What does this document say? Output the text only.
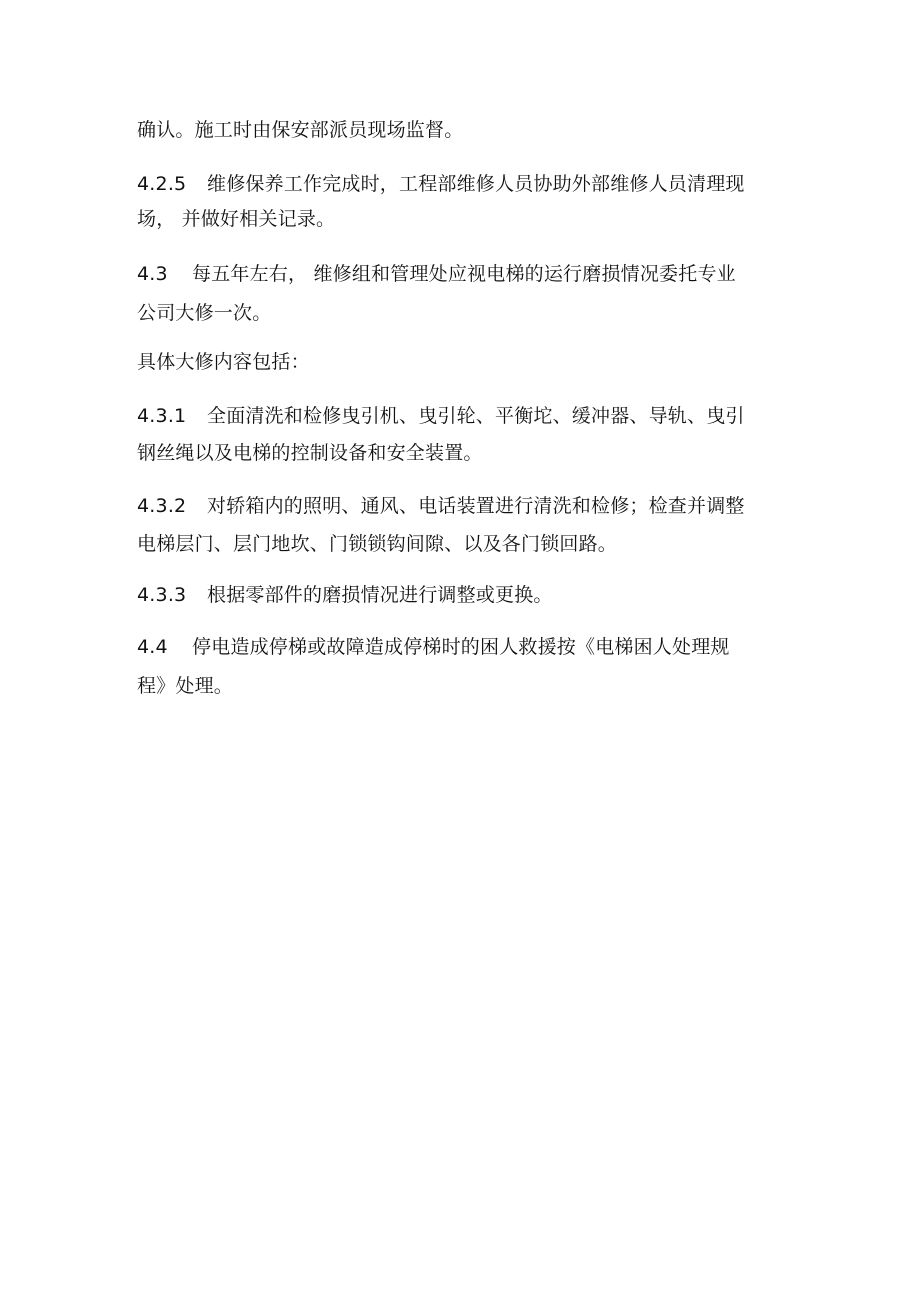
确认。施工时由保安部派员现场监督。
4.2.5 维修保养工作完成时，工程部维修人员协助外部维修人员清理现
场， 并做好相关记录。
4.3 每五年左右， 维修组和管理处应视电梯的运行磨损情况委托专业
公司大修一次。
具体大修内容包括：
4.3.1 全面清洗和检修曳引机、曳引轮、平衡坨、缓冲器、导轨、曳引
钢丝绳以及电梯的控制设备和安全装置。
4.3.2 对轿箱内的照明、通风、电话装置进行清洗和检修；检查并调整
电梯层门、层门地坎、门锁锁钩间隙、以及各门锁回路。
4.3.3 根据零部件的磨损情况进行调整或更换。
4.4 停电造成停梯或故障造成停梯时的困人救援按《电梯困人处理规
程》处理。
